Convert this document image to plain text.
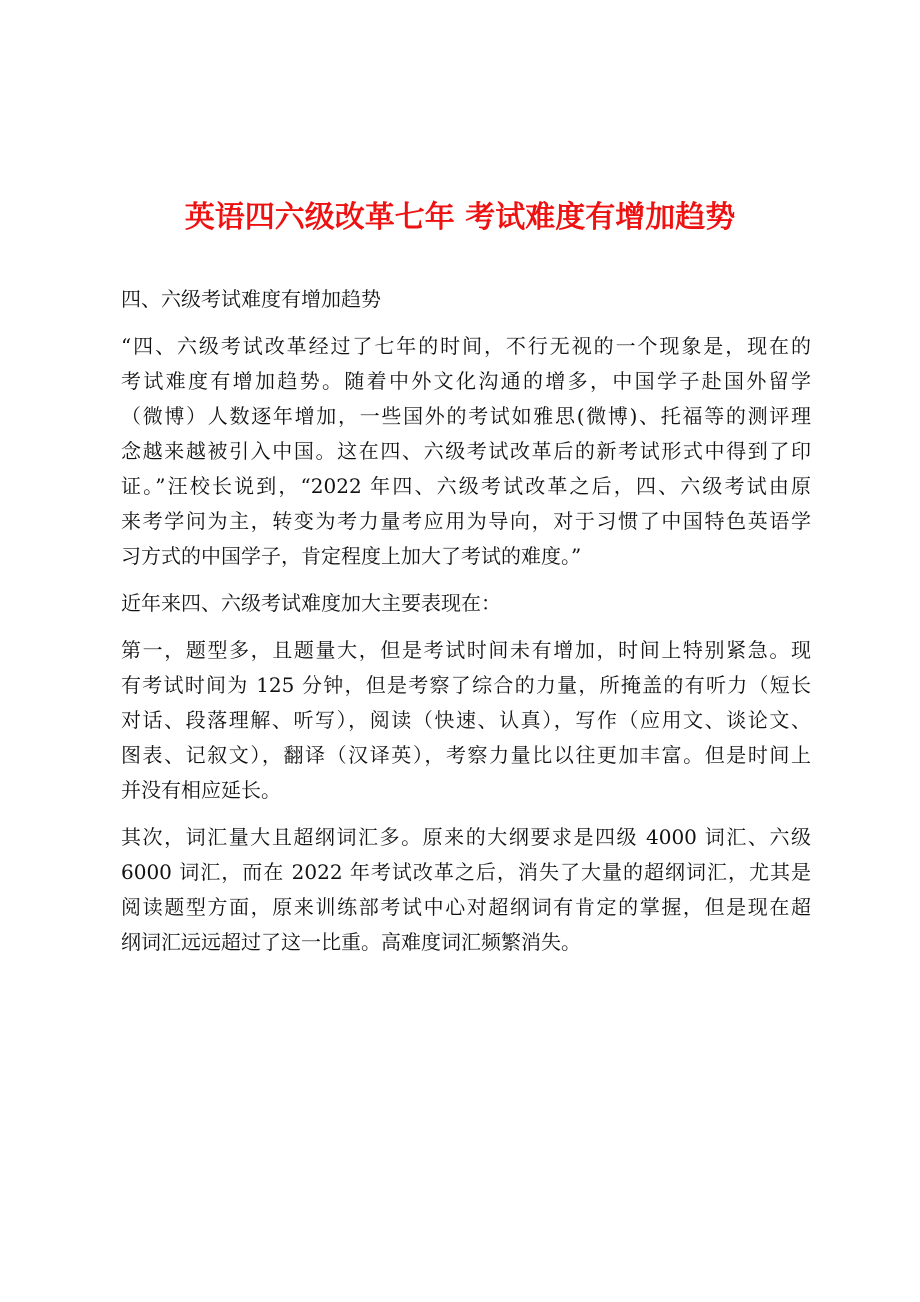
英语四六级改革七年 考试难度有增加趋势
四、六级考试难度有增加趋势
“四、六级考试改革经过了七年的时间，不行无视的一个现象是，现在的
考试难度有增加趋势。随着中外文化沟通的增多，中国学子赴国外留学
（微博）人数逐年增加，一些国外的考试如雅思(微博)、托福等的测评理
念越来越被引入中国。这在四、六级考试改革后的新考试形式中得到了印
证。”汪校长说到，“2022 年四、六级考试改革之后，四、六级考试由原
来考学问为主，转变为考力量考应用为导向，对于习惯了中国特色英语学
习方式的中国学子，肯定程度上加大了考试的难度。”
近年来四、六级考试难度加大主要表现在：
第一，题型多，且题量大，但是考试时间未有增加，时间上特别紧急。现
有考试时间为 125 分钟，但是考察了综合的力量，所掩盖的有听力（短长
对话、段落理解、听写），阅读（快速、认真），写作（应用文、谈论文、
图表、记叙文），翻译（汉译英），考察力量比以往更加丰富。但是时间上
并没有相应延长。
其次，词汇量大且超纲词汇多。原来的大纲要求是四级 4000 词汇、六级
6000 词汇，而在 2022 年考试改革之后，消失了大量的超纲词汇，尤其是
阅读题型方面，原来训练部考试中心对超纲词有肯定的掌握，但是现在超
纲词汇远远超过了这一比重。高难度词汇频繁消失。
